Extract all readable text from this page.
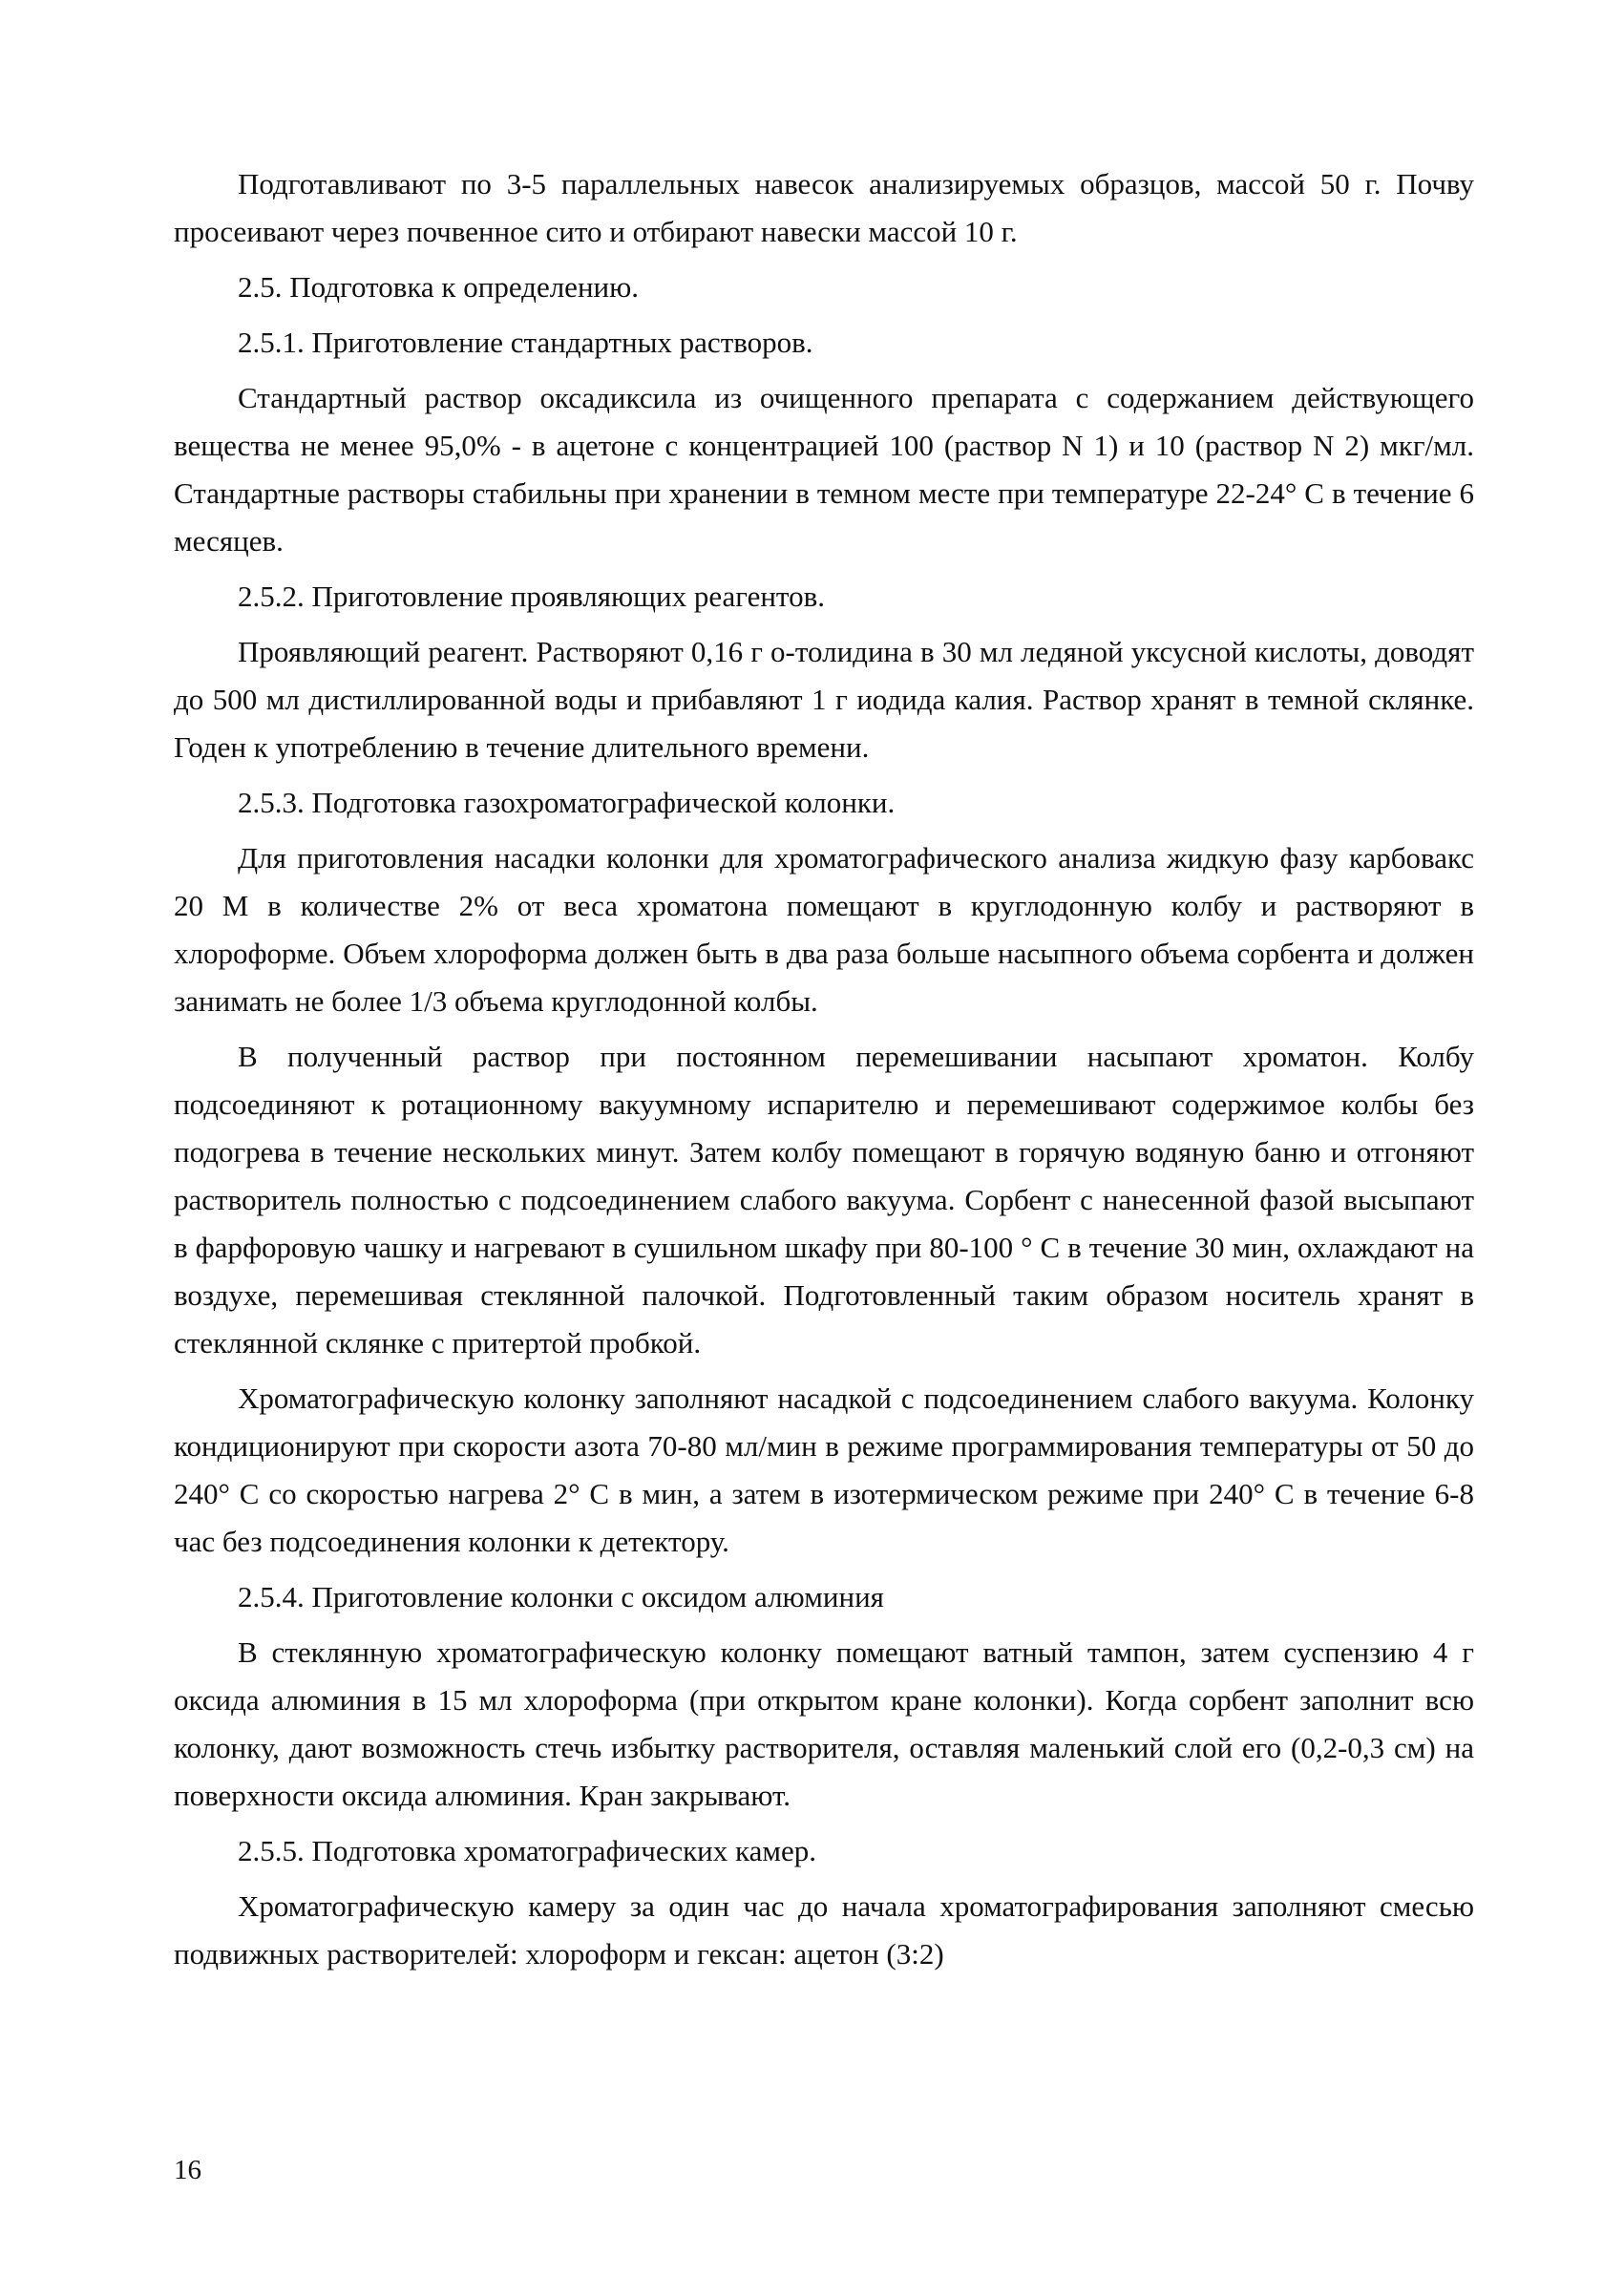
Подготавливают по 3-5 параллельных навесок анализируемых образцов, массой 50 г. Почву просеивают через почвенное сито и отбирают навески массой 10 г.

2.5. Подготовка к определению.

2.5.1. Приготовление стандартных растворов.

Стандартный раствор оксадиксила из очищенного препарата с содержанием действующего вещества не менее 95,0% - в ацетоне с концентрацией 100 (раствор N 1) и 10 (раствор N 2) мкг/мл. Стандартные растворы стабильны при хранении в темном месте при температуре 22-24° С в течение 6 месяцев.

2.5.2. Приготовление проявляющих реагентов.

Проявляющий реагент. Растворяют 0,16 г о-толидина в 30 мл ледяной уксусной кислоты, доводят до 500 мл дистиллированной воды и прибавляют 1 г иодида калия. Раствор хранят в темной склянке. Годен к употреблению в течение длительного времени.

2.5.3. Подготовка газохроматографической колонки.

Для приготовления насадки колонки для хроматографического анализа жидкую фазу карбовакс 20 М в количестве 2% от веса хроматона помещают в круглодонную колбу и растворяют в хлороформе. Объем хлороформа должен быть в два раза больше насыпного объема сорбента и должен занимать не более 1/3 объема круглодонной колбы.

В полученный раствор при постоянном перемешивании насыпают хроматон. Колбу подсоединяют к ротационному вакуумному испарителю и перемешивают содержимое колбы без подогрева в течение нескольких минут. Затем колбу помещают в горячую водяную баню и отгоняют растворитель полностью с подсоединением слабого вакуума. Сорбент с нанесенной фазой высыпают в фарфоровую чашку и нагревают в сушильном шкафу при 80-100 ° С в течение 30 мин, охлаждают на воздухе, перемешивая стеклянной палочкой. Подготовленный таким образом носитель хранят в стеклянной склянке с притертой пробкой.

Хроматографическую колонку заполняют насадкой с подсоединением слабого вакуума. Колонку кондиционируют при скорости азота 70-80 мл/мин в режиме программирования температуры от 50 до 240° С со скоростью нагрева 2° С в мин, а затем в изотермическом режиме при 240° С в течение 6-8 час без подсоединения колонки к детектору.

2.5.4. Приготовление колонки с оксидом алюминия

В стеклянную хроматографическую колонку помещают ватный тампон, затем суспензию 4 г оксида алюминия в 15 мл хлороформа (при открытом кране колонки). Когда сорбент заполнит всю колонку, дают возможность стечь избытку растворителя, оставляя маленький слой его (0,2-0,3 см) на поверхности оксида алюминия. Кран закрывают.

2.5.5. Подготовка хроматографических камер.

Хроматографическую камеру за один час до начала хроматографирования заполняют смесью подвижных растворителей: хлороформ и гексан: ацетон (3:2)

16
